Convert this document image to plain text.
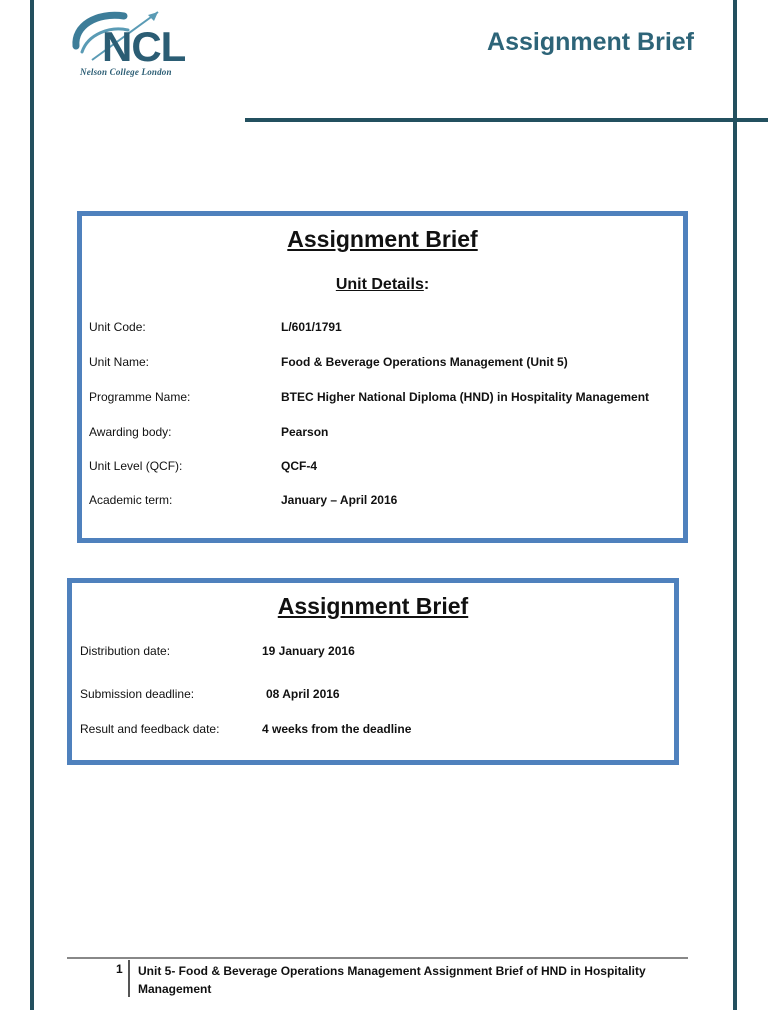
NCL
Nelson College London
Assignment Brief
Assignment Brief
Unit Details:
Unit Code:	L/601/1791
Unit Name:	Food & Beverage Operations Management (Unit 5)
Programme Name:	BTEC Higher National Diploma (HND) in Hospitality Management
Awarding body:	Pearson
Unit Level (QCF):	QCF-4
Academic term:	January – April 2016
Assignment Brief
Distribution date:	19 January 2016
Submission deadline:	08 April 2016
Result and feedback date:	4 weeks from the deadline
1 Unit 5- Food & Beverage Operations Management Assignment Brief of HND in Hospitality Management
